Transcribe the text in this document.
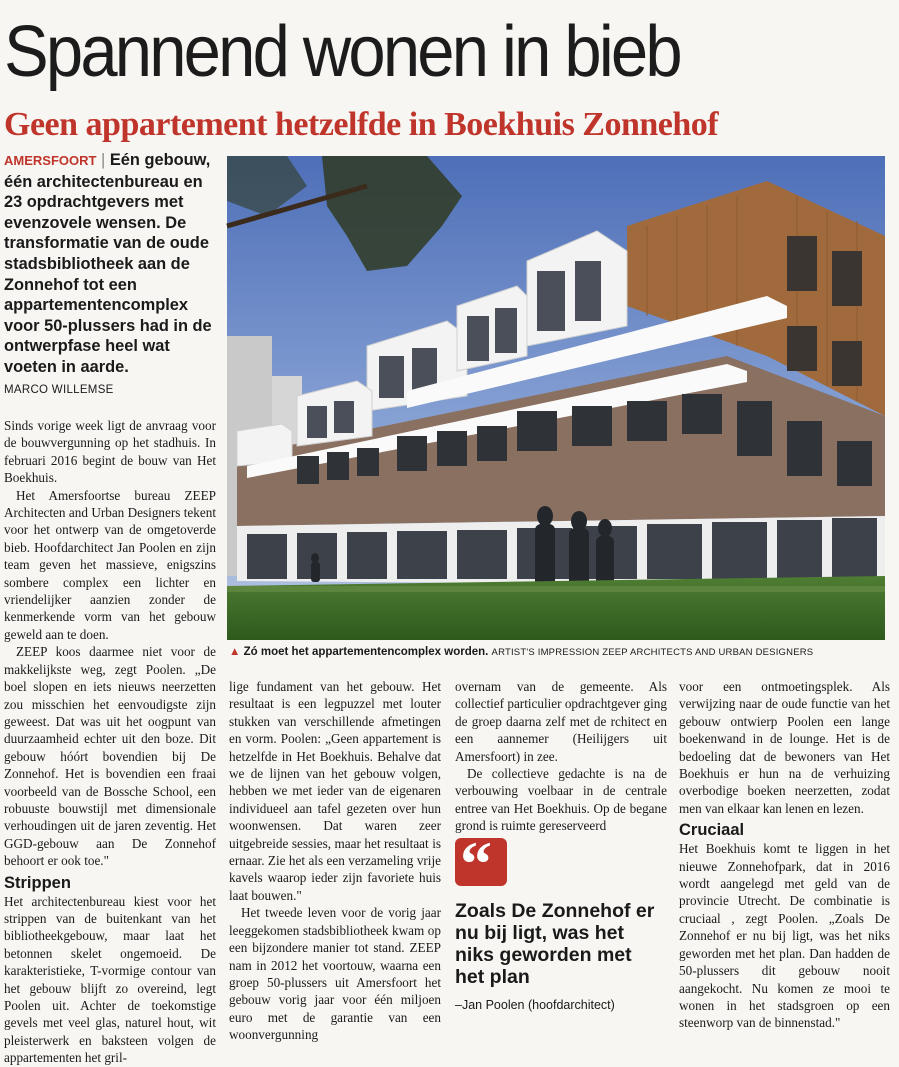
Spannend wonen in bieb
Geen appartement hetzelfde in Boekhuis Zonnehof
AMERSFOORT | Eén gebouw, één architectenbureau en 23 opdrachtgevers met evenzovele wensen. De transformatie van de oude stadsbibliotheek aan de Zonnehof tot een appartementencomplex voor 50-plussers had in de ontwerpfase heel wat voeten in aarde.
MARCO WILLEMSE

Sinds vorige week ligt de anvraag voor de bouwvergunning op het stadhuis. In februari 2016 begint de bouw van Het Boekhuis.

Het Amersfoortse bureau ZEEP Architecten and Urban Designers tekent voor het ontwerp van de omgetoverde bieb. Hoofdarchitect Jan Poolen en zijn team geven het massieve, enigszins sombere complex een lichter en vriendelijker aanzien zonder de kenmerkende vorm van het gebouw geweld aan te doen.

ZEEP koos daarmee niet voor de makkelijkste weg, zegt Poolen. „De boel slopen en iets nieuws neerzetten zou misschien het eenvoudigste zijn geweest. Dat was uit het oogpunt van duurzaamheid echter uit den boze. Dit gebouw hóórt bovendien bij De Zonnehof. Het is bovendien een fraai voorbeeld van de Bossche School, een robuuste bouwstijl met dimensionale verhoudingen uit de jaren zeventig. Het GGD-gebouw aan De Zonnehof behoort er ook toe."

Strippen

Het architectenbureau kiest voor het strippen van de buitenkant van het bibliotheekgebouw, maar laat het betonnen skelet ongemoeid. De karakteristieke, T-vormige contour van het gebouw blijft zo overeind, legt Poolen uit. Achter de toekomstige gevels met veel glas, naturel hout, wit pleisterwerk en baksteen volgen de appartementen het gril-

▲ Zó moet het appartementencomplex worden. ARTIST'S IMPRESSION ZEEP ARCHITECTS AND URBAN DESIGNERS

lige fundament van het gebouw. Het resultaat is een legpuzzel met louter stukken van verschillende afmetingen en vorm. Poolen: „Geen appartement is hetzelfde in Het Boekhuis. Behalve dat we de lijnen van het gebouw volgen, hebben we met ieder van de eigenaren individueel aan tafel gezeten over hun woonwensen. Dat waren zeer uitgebreide sessies, maar het resultaat is ernaar. Zie het als een verzameling vrije kavels waarop ieder zijn favoriete huis laat bouwen."

Het tweede leven voor de vorig jaar leeggekomen stadsbibliotheek kwam op een bijzondere manier tot stand. ZEEP nam in 2012 het voortouw, waarna een groep 50-plussers uit Amersfoort het gebouw vorig jaar voor één miljoen euro met de garantie van een woonvergunning

overnam van de gemeente. Als collectief particulier opdrachtgever ging de groep daarna zelf met de rchitect en een aannemer (Heilijgers uit Amersfoort) in zee.

De collectieve gedachte is na de verbouwing voelbaar in de centrale entree van Het Boekhuis. Op de begane grond is ruimte gereserveerd

“
Zoals De Zonnehof er nu bij ligt, was het niks geworden met het plan
–Jan Poolen (hoofdarchitect)

voor een ontmoetingsplek. Als verwijzing naar de oude functie van het gebouw ontwierp Poolen een lange boekenwand in de lounge. Het is de bedoeling dat de bewoners van Het Boekhuis er hun na de verhuizing overbodige boeken neerzetten, zodat men van elkaar kan lenen en lezen.

Cruciaal

Het Boekhuis komt te liggen in het nieuwe Zonnehofpark, dat in 2016 wordt aangelegd met geld van de provincie Utrecht. De combinatie is cruciaal , zegt Poolen. „Zoals De Zonnehof er nu bij ligt, was het niks geworden met het plan. Dan hadden de 50-plussers dit gebouw nooit aangekocht. Nu komen ze mooi te wonen in het stadsgroen op een steenworp van de binnenstad."
